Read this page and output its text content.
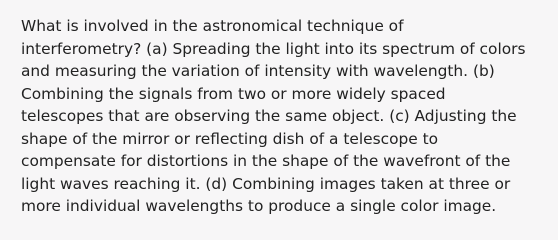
What is involved in the astronomical technique of
interferometry? (a) Spreading the light into its spectrum of colors
and measuring the variation of intensity with wavelength. (b)
Combining the signals from two or more widely spaced
telescopes that are observing the same object. (c) Adjusting the
shape of the mirror or reflecting dish of a telescope to
compensate for distortions in the shape of the wavefront of the
light waves reaching it. (d) Combining images taken at three or
more individual wavelengths to produce a single color image.
